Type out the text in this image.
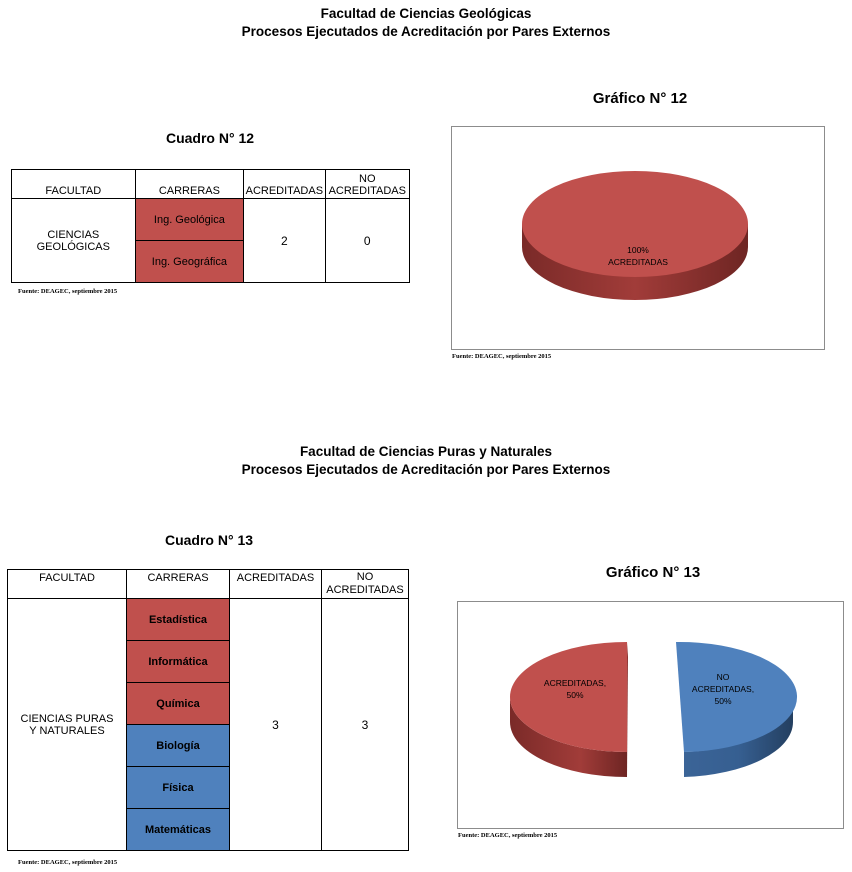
Facultad de Ciencias Geológicas
Procesos Ejecutados de Acreditación por Pares Externos
Cuadro N° 12
FACULTAD	CARRERAS	ACREDITADAS	NO ACREDITADAS
CIENCIAS GEOLÓGICAS	Ing. Geológica	2	0
	Ing. Geográfica		
Fuente: DEAGEC, septiembre 2015
Gráfico N° 12
100%
ACREDITADAS
Fuente: DEAGEC, septiembre 2015
Facultad de Ciencias Puras y Naturales
Procesos Ejecutados de Acreditación por Pares Externos
Cuadro N° 13
FACULTAD	CARRERAS	ACREDITADAS	NO ACREDITADAS
CIENCIAS PURAS Y NATURALES	Estadística	3	3
	Informática		
	Química		
	Biología		
	Física		
	Matemáticas		
Fuente: DEAGEC, septiembre 2015
Gráfico N° 13
ACREDITADAS,
50%
NO
ACREDITADAS,
50%
Fuente: DEAGEC, septiembre 2015
